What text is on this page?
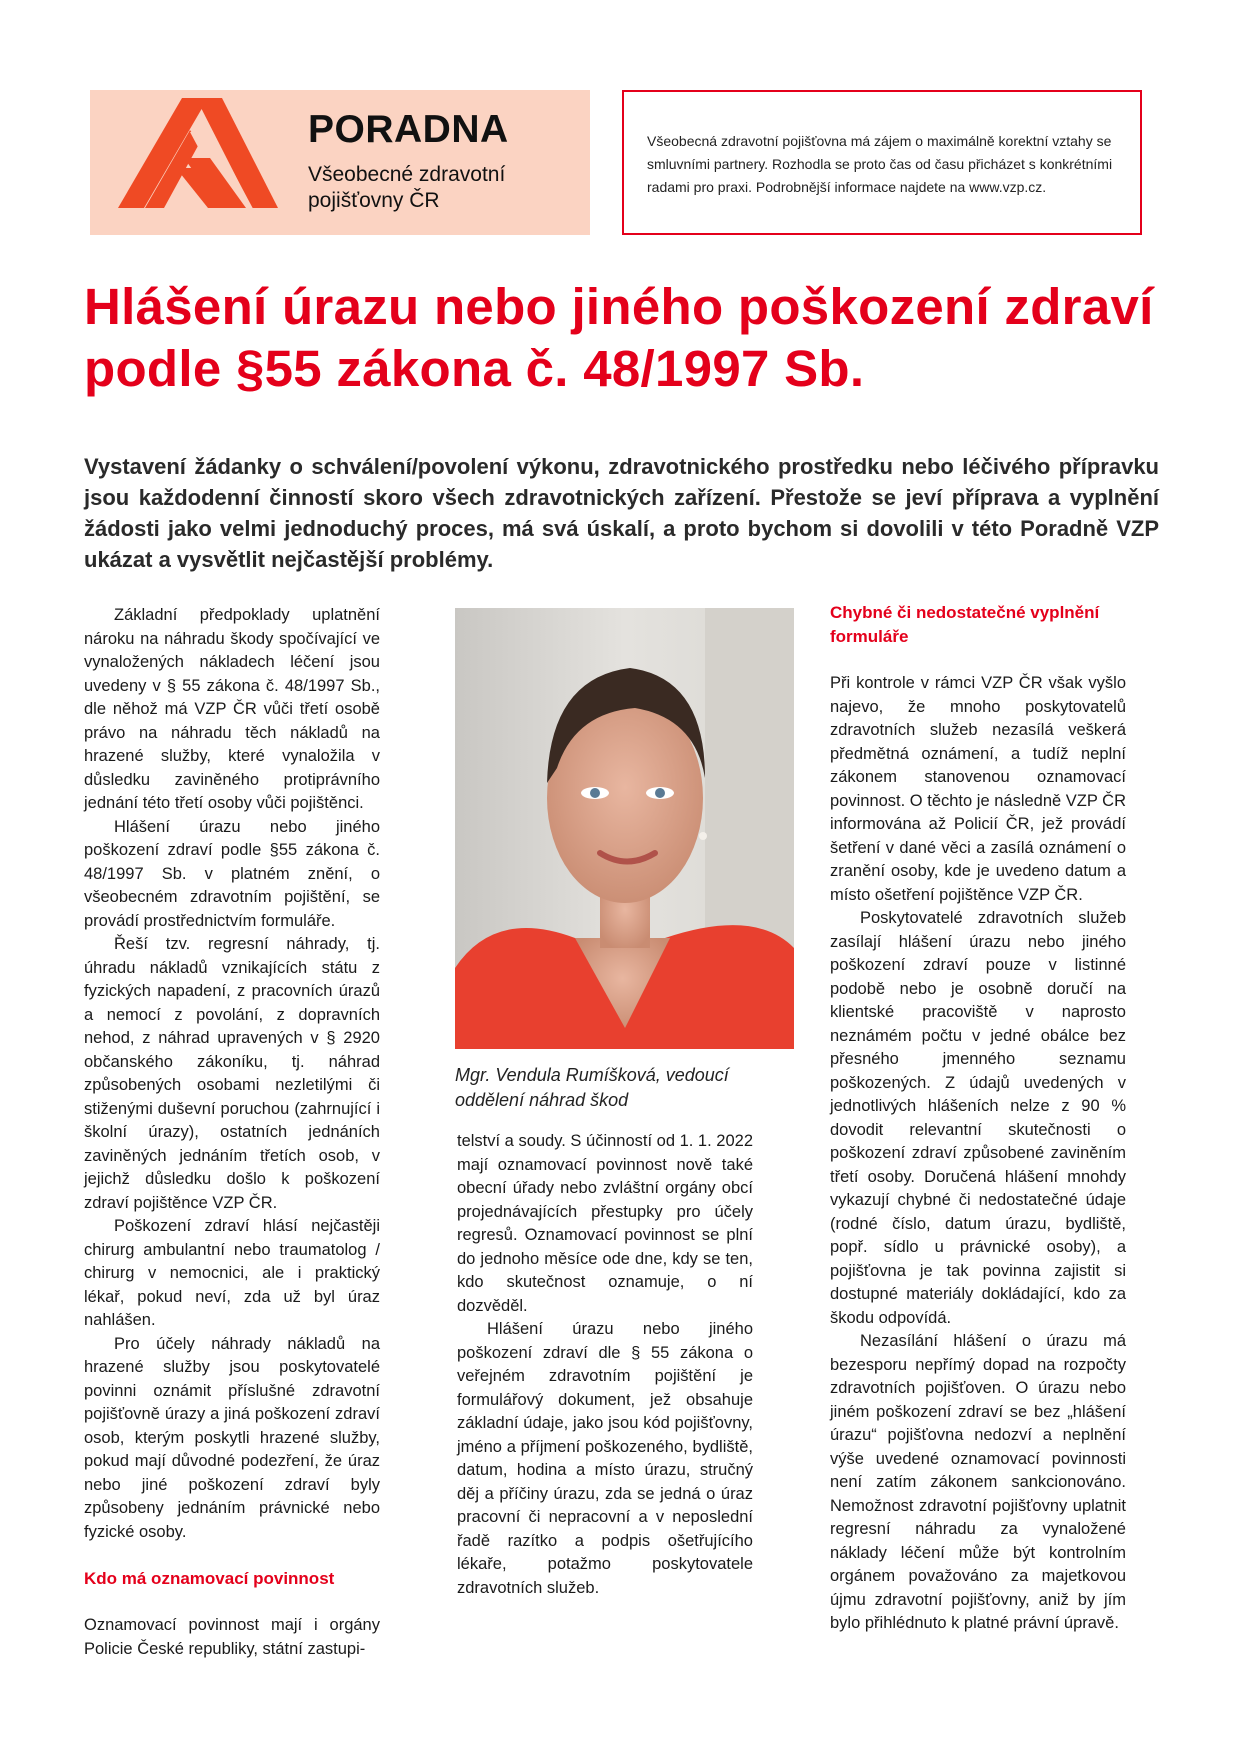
PORADNA

Všeobecné zdravotní pojišťovny ČR

Všeobecná zdravotní pojišťovna má zájem o maximálně korektní vztahy se smluvními partnery. Rozhodla se proto čas od času přicházet s konkrétními radami pro praxi. Podrobnější informace najdete na www.vzp.cz.

Hlášení úrazu nebo jiného poškození zdraví podle §55 zákona č. 48/1997 Sb.

Vystavení žádanky o schválení/povolení výkonu, zdravotnického prostředku nebo léčivého přípravku jsou každodenní činností skoro všech zdravotnických zařízení. Přestože se jeví příprava a vyplnění žádosti jako velmi jednoduchý proces, má svá úskalí, a proto bychom si dovolili v této Poradně VZP ukázat a vysvětlit nejčastější problémy.

Základní předpoklady uplatnění nároku na náhradu škody spočívající ve vynaložených nákladech léčení jsou uvedeny v § 55 zákona č. 48/1997 Sb., dle něhož má VZP ČR vůči třetí osobě právo na náhradu těch nákladů na hrazené služby, které vynaložila v důsledku zaviněného protiprávního jednání této třetí osoby vůči pojištěnci.

Hlášení úrazu nebo jiného poškození zdraví podle §55 zákona č. 48/1997 Sb. v platném znění, o všeobecném zdravotním pojištění, se provádí prostřednictvím formuláře.

Řeší tzv. regresní náhrady, tj. úhradu nákladů vznikajících státu z fyzických napadení, z pracovních úrazů a nemocí z povolání, z dopravních nehod, z náhrad upravených v § 2920 občanského zákoníku, tj. náhrad způsobených osobami nezletilými či stiženými duševní poruchou (zahrnující i školní úrazy), ostatních jednáních zaviněných jednáním třetích osob, v jejichž důsledku došlo k poškození zdraví pojištěnce VZP ČR.

Poškození zdraví hlásí nejčastěji chirurg ambulantní nebo traumatolog / chirurg v nemocnici, ale i praktický lékař, pokud neví, zda už byl úraz nahlášen.

Pro účely náhrady nákladů na hrazené služby jsou poskytovatelé povinni oznámit příslušné zdravotní pojišťovně úrazy a jiná poškození zdraví osob, kterým poskytli hrazené služby, pokud mají důvodné podezření, že úraz nebo jiné poškození zdraví byly způsobeny jednáním právnické nebo fyzické osoby.

Kdo má oznamovací povinnost

Oznamovací povinnost mají i orgány Policie České republiky, státní zastupi-

Mgr. Vendula Rumíšková, vedoucí oddělení náhrad škod

telství a soudy. S účinností od 1. 1. 2022 mají oznamovací povinnost nově také obecní úřady nebo zvláštní orgány obcí projednávajících přestupky pro účely regresů. Oznamovací povinnost se plní do jednoho měsíce ode dne, kdy se ten, kdo skutečnost oznamuje, o ní dozvěděl.

Hlášení úrazu nebo jiného poškození zdraví dle § 55 zákona o veřejném zdravotním pojištění je formulářový dokument, jež obsahuje základní údaje, jako jsou kód pojišťovny, jméno a příjmení poškozeného, bydliště, datum, hodina a místo úrazu, stručný děj a příčiny úrazu, zda se jedná o úraz pracovní či nepracovní a v neposlední řadě razítko a podpis ošetřujícího lékaře, potažmo poskytovatele zdravotních služeb.

Chybné či nedostatečné vyplnění formuláře

Při kontrole v rámci VZP ČR však vyšlo najevo, že mnoho poskytovatelů zdravotních služeb nezasílá veškerá předmětná oznámení, a tudíž neplní zákonem stanovenou oznamovací povinnost. O těchto je následně VZP ČR informována až Policií ČR, jež provádí šetření v dané věci a zasílá oznámení o zranění osoby, kde je uvedeno datum a místo ošetření pojištěnce VZP ČR.

Poskytovatelé zdravotních služeb zasílají hlášení úrazu nebo jiného poškození zdraví pouze v listinné podobě nebo je osobně doručí na klientské pracoviště v naprosto neznámém počtu v jedné obálce bez přesného jmenného seznamu poškozených. Z údajů uvedených v jednotlivých hlášeních nelze z 90 % dovodit relevantní skutečnosti o poškození zdraví způsobené zaviněním třetí osoby. Doručená hlášení mnohdy vykazují chybné či nedostatečné údaje (rodné číslo, datum úrazu, bydliště, popř. sídlo u právnické osoby), a pojišťovna je tak povinna zajistit si dostupné materiály dokládající, kdo za škodu odpovídá.

Nezasílání hlášení o úrazu má bezesporu nepřímý dopad na rozpočty zdravotních pojišťoven. O úrazu nebo jiném poškození zdraví se bez „hlášení úrazu“ pojišťovna nedozví a neplnění výše uvedené oznamovací povinnosti není zatím zákonem sankcionováno. Nemožnost zdravotní pojišťovny uplatnit regresní náhradu za vynaložené náklady léčení může být kontrolním orgánem považováno za majetkovou újmu zdravotní pojišťovny, aniž by jím bylo přihlédnuto k platné právní úpravě.
